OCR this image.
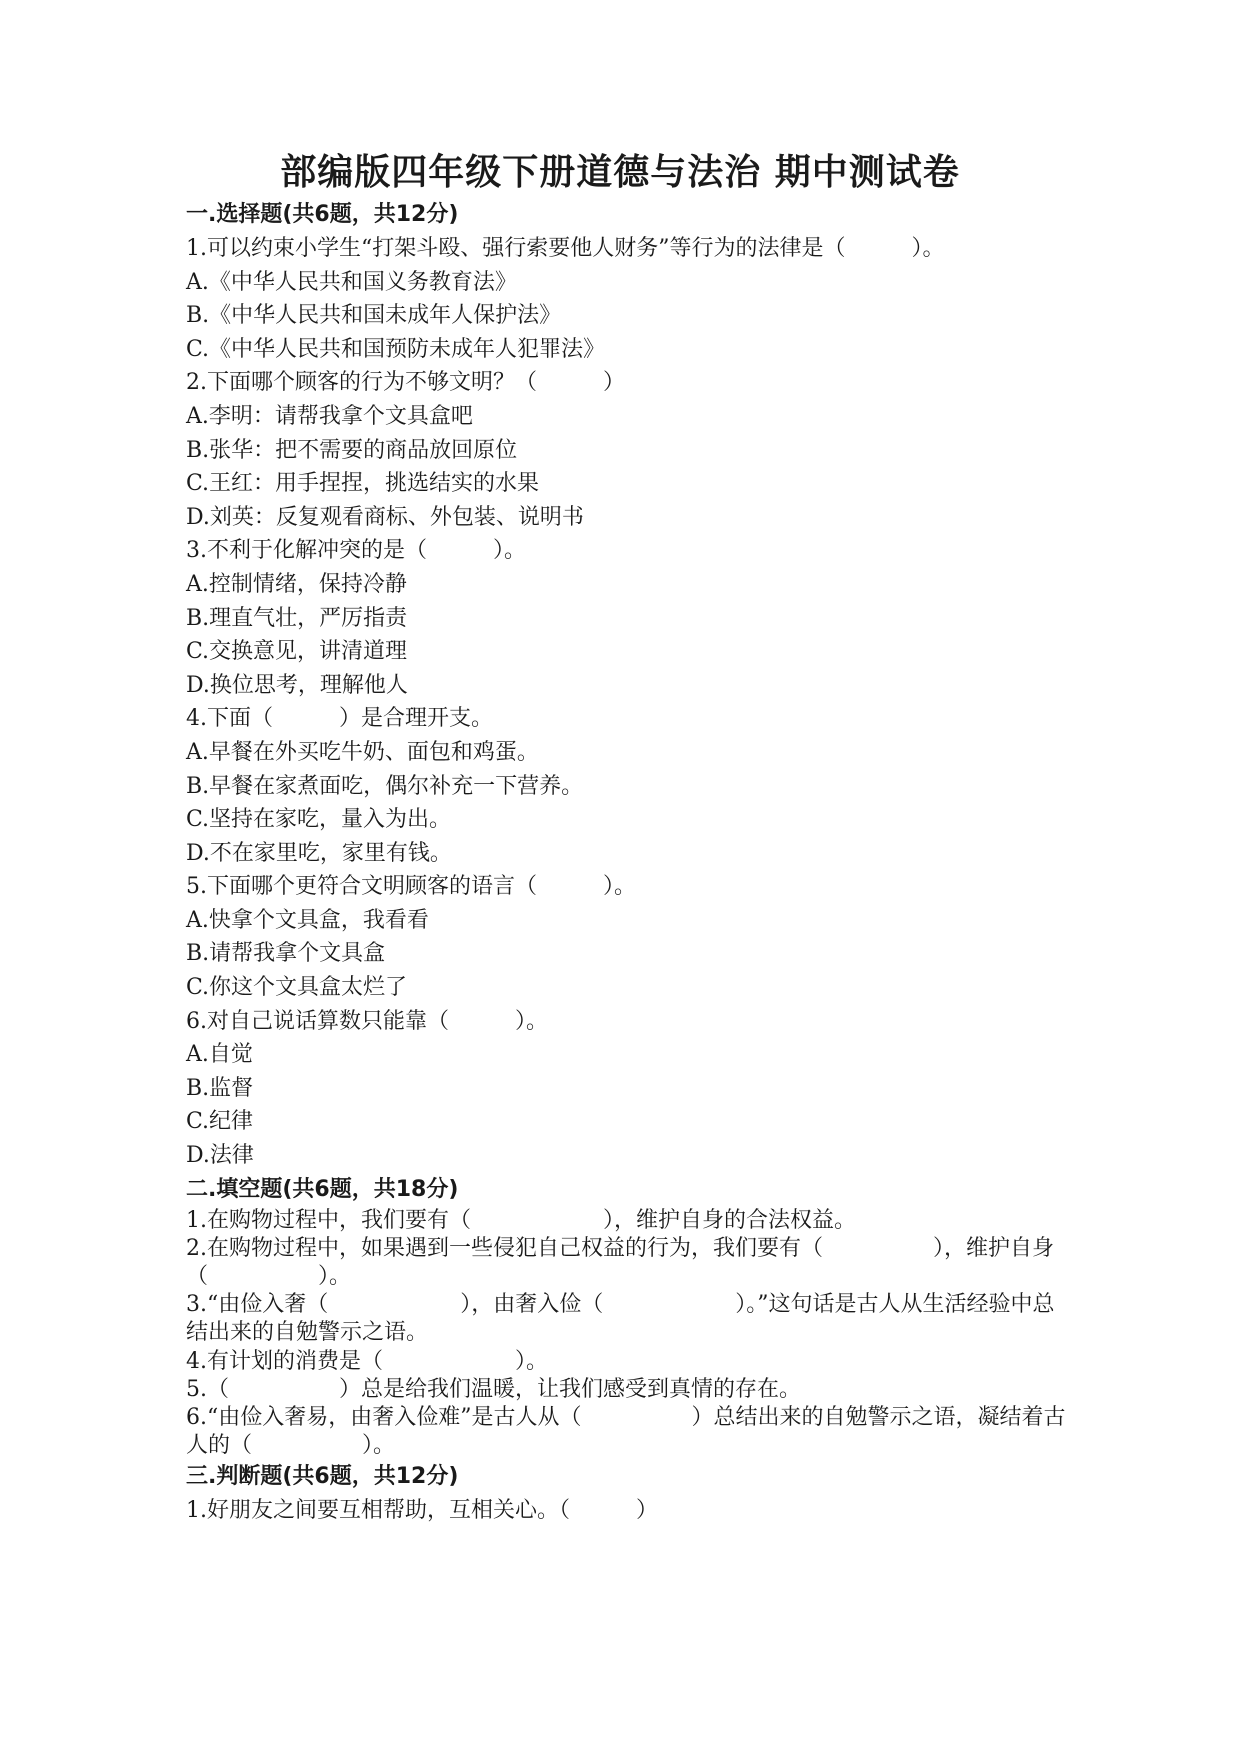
部编版四年级下册道德与法治 期中测试卷
一.选择题(共6题，共12分)
1.可以约束小学生“打架斗殴、强行索要他人财务”等行为的法律是（　　　）。
A.《中华人民共和国义务教育法》
B.《中华人民共和国未成年人保护法》
C.《中华人民共和国预防未成年人犯罪法》
2.下面哪个顾客的行为不够文明？（　　　）
A.李明：请帮我拿个文具盒吧
B.张华：把不需要的商品放回原位
C.王红：用手捏捏，挑选结实的水果
D.刘英：反复观看商标、外包装、说明书
3.不利于化解冲突的是（　　　）。
A.控制情绪，保持冷静
B.理直气壮，严厉指责
C.交换意见，讲清道理
D.换位思考，理解他人
4.下面（　　　）是合理开支。
A.早餐在外买吃牛奶、面包和鸡蛋。
B.早餐在家煮面吃，偶尔补充一下营养。
C.坚持在家吃，量入为出。
D.不在家里吃，家里有钱。
5.下面哪个更符合文明顾客的语言（　　　）。
A.快拿个文具盒，我看看
B.请帮我拿个文具盒
C.你这个文具盒太烂了
6.对自己说话算数只能靠（　　　）。
A.自觉
B.监督
C.纪律
D.法律
二.填空题(共6题，共18分)
1.在购物过程中，我们要有（　　　　　　），维护自身的合法权益。
2.在购物过程中，如果遇到一些侵犯自己权益的行为，我们要有（　　　　　），维护自身（　　　　　）。
3.“由俭入奢（　　　　　　），由奢入俭（　　　　　　）。”这句话是古人从生活经验中总结出来的自勉警示之语。
4.有计划的消费是（　　　　　　）。
5.（　　　　　）总是给我们温暖，让我们感受到真情的存在。
6.“由俭入奢易，由奢入俭难”是古人从（　　　　　）总结出来的自勉警示之语，凝结着古人的（　　　　　）。
三.判断题(共6题，共12分)
1.好朋友之间要互相帮助，互相关心。（　　　）
